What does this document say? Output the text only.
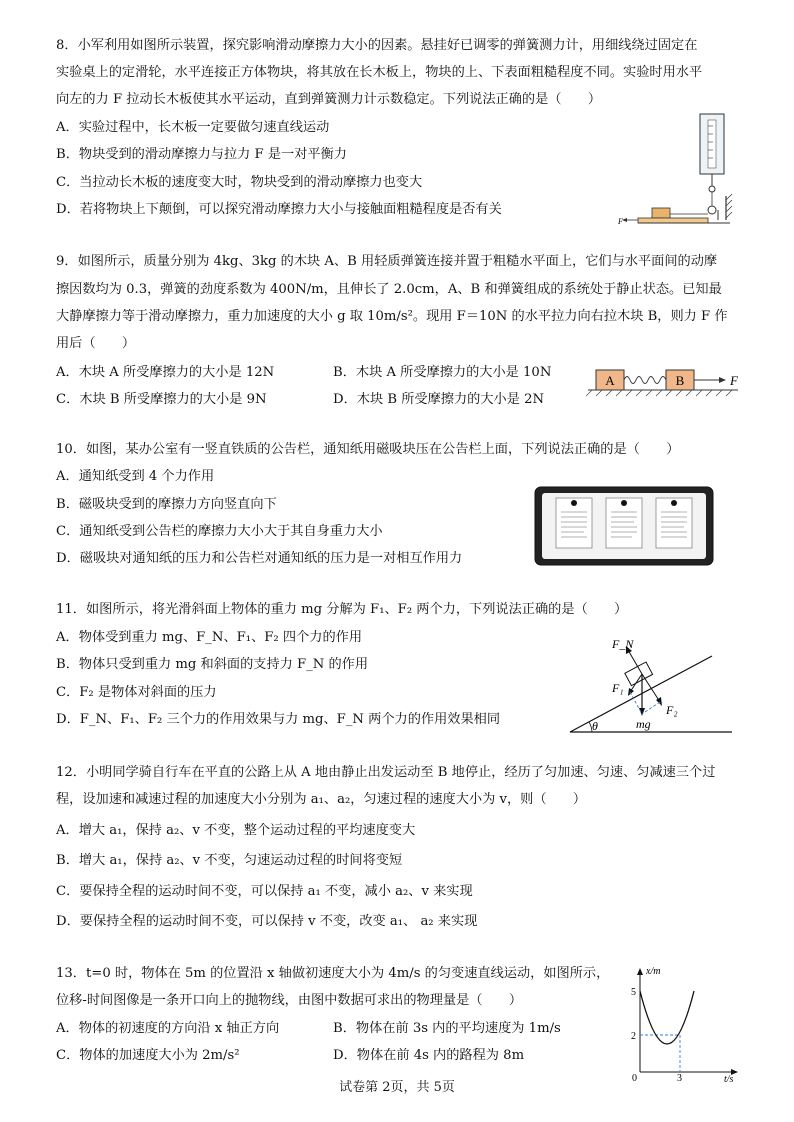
8．小军利用如图所示装置，探究影响滑动摩擦力大小的因素。悬挂好已调零的弹簧测力计，用细线绕过固定在
实验桌上的定滑轮，水平连接正方体物块，将其放在长木板上，物块的上、下表面粗糙程度不同。实验时用水平
向左的力 F 拉动长木板使其水平运动，直到弹簧测力计示数稳定。下列说法正确的是（　　）
A．实验过程中，长木板一定要做匀速直线运动
B．物块受到的滑动摩擦力与拉力 F 是一对平衡力
C．当拉动长木板的速度变大时，物块受到的滑动摩擦力也变大
D．若将物块上下颠倒，可以探究滑动摩擦力大小与接触面粗糙程度是否有关
F
9．如图所示，质量分别为 4kg、3kg 的木块 A、B 用轻质弹簧连接并置于粗糙水平面上，它们与水平面间的动摩
擦因数均为 0.3，弹簧的劲度系数为 400N/m，且伸长了 2.0cm，A、B 和弹簧组成的系统处于静止状态。已知最
大静摩擦力等于滑动摩擦力，重力加速度的大小 g 取 10m/s²。现用 F＝10N 的水平拉力向右拉木块 B，则力 F 作
用后（　　）
A．木块 A 所受摩擦力的大小是 12N	B．木块 A 所受摩擦力的大小是 10N
C．木块 B 所受摩擦力的大小是 9N	D．木块 B 所受摩擦力的大小是 2N
A	B	F
10．如图，某办公室有一竖直铁质的公告栏，通知纸用磁吸块压在公告栏上面，下列说法正确的是（　　）
A．通知纸受到 4 个力作用
B．磁吸块受到的摩擦力方向竖直向下
C．通知纸受到公告栏的摩擦力大小大于其自身重力大小
D．磁吸块对通知纸的压力和公告栏对通知纸的压力是一对相互作用力
11．如图所示，将光滑斜面上物体的重力 mg 分解为 F₁、F₂ 两个力，下列说法正确的是（　　）
A．物体受到重力 mg、F_N、F₁、F₂ 四个力的作用
B．物体只受到重力 mg 和斜面的支持力 F_N 的作用
C．F₂ 是物体对斜面的压力
D．F_N、F₁、F₂ 三个力的作用效果与力 mg、F_N 两个力的作用效果相同	θ
F_N
mg
F₁
F₂
12．小明同学骑自行车在平直的公路上从 A 地由静止出发运动至 B 地停止，经历了匀加速、匀速、匀减速三个过
程，设加速和减速过程的加速度大小分别为 a₁、a₂，匀速过程的速度大小为 v，则（　　）
A．增大 a₁，保持 a₂、v 不变，整个运动过程的平均速度变大
B．增大 a₁，保持 a₂、v 不变，匀速运动过程的时间将变短
C．要保持全程的运动时间不变，可以保持 a₁ 不变，减小 a₂、v 来实现
D．要保持全程的运动时间不变，可以保持 v 不变，改变 a₁、 a₂ 来实现
13．t=0 时，物体在 5m 的位置沿 x 轴做初速度大小为 4m/s 的匀变速直线运动，如图所示，
位移-时间图像是一条开口向上的抛物线，由图中数据可求出的物理量是（　　）
A．物体的初速度的方向沿 x 轴正方向	B．物体在前 3s 内的平均速度为 1m/s
C．物体的加速度大小为 2m/s²	D．物体在前 4s 内的路程为 8m
x/m
t/s
5
2
0	3
试卷第 2页，共 5页
